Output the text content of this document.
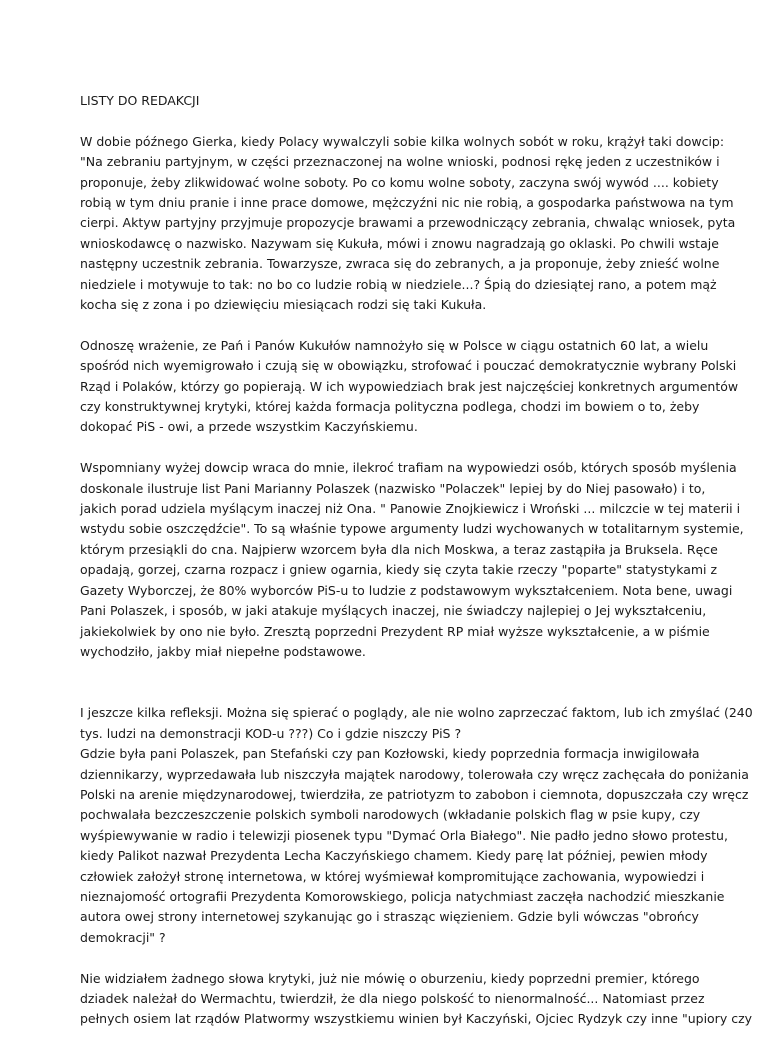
LISTY DO REDAKCJI
W dobie późnego Gierka, kiedy Polacy wywalczyli sobie kilka wolnych sobót w roku, krążył taki dowcip:
"Na zebraniu partyjnym, w części przeznaczonej na wolne wnioski, podnosi rękę jeden z uczestników i
proponuje, żeby zlikwidować wolne soboty. Po co komu wolne soboty, zaczyna swój wywód .... kobiety
robią w tym dniu pranie i inne prace domowe, mężczyźni nic nie robią, a gospodarka państwowa na tym
cierpi. Aktyw partyjny przyjmuje propozycje brawami a przewodniczący zebrania, chwaląc wniosek, pyta
wnioskodawcę o nazwisko. Nazywam się Kukuła, mówi i znowu nagradzają go oklaski. Po chwili wstaje
następny uczestnik zebrania. Towarzysze, zwraca się do zebranych, a ja proponuje, żeby znieść wolne
niedziele i motywuje to tak: no bo co ludzie robią w niedziele...? Śpią do dziesiątej rano, a potem mąż
kocha się z zona i po dziewięciu miesiącach rodzi się taki Kukuła.
Odnoszę wrażenie, ze Pań i Panów Kukułów namnożyło się w Polsce w ciągu ostatnich 60 lat, a wielu
spośród nich wyemigrowało i czują się w obowiązku, strofować i pouczać demokratycznie wybrany Polski
Rząd i Polaków, którzy go popierają. W ich wypowiedziach brak jest najczęściej konkretnych argumentów
czy konstruktywnej krytyki, której każda formacja polityczna podlega, chodzi im bowiem o to, żeby
dokopać PiS - owi, a przede wszystkim Kaczyńskiemu.
Wspomniany wyżej dowcip wraca do mnie, ilekroć trafiam na wypowiedzi osób, których sposób myślenia
doskonale ilustruje list Pani Marianny Polaszek (nazwisko "Polaczek" lepiej by do Niej pasowało) i to,
jakich porad udziela myślącym inaczej niż Ona. " Panowie Znojkiewicz i Wroński ... milczcie w tej materii i
wstydu sobie oszczędźcie". To są właśnie typowe argumenty ludzi wychowanych w totalitarnym systemie,
którym przesiąkli do cna. Najpierw wzorcem była dla nich Moskwa, a teraz zastąpiła ja Bruksela. Ręce
opadają, gorzej, czarna rozpacz i gniew ogarnia, kiedy się czyta takie rzeczy "poparte" statystykami z
Gazety Wyborczej, że 80% wyborców PiS-u to ludzie z podstawowym wykształceniem. Nota bene, uwagi
Pani Polaszek, i sposób, w jaki atakuje myślących inaczej, nie świadczy najlepiej o Jej wykształceniu,
jakiekolwiek by ono nie było. Zresztą poprzedni Prezydent RP miał wyższe wykształcenie, a w piśmie
wychodziło, jakby miał niepełne podstawowe.
I jeszcze kilka refleksji. Można się spierać o poglądy, ale nie wolno zaprzeczać faktom, lub ich zmyślać (240
tys. ludzi na demonstracji KOD-u ???) Co i gdzie niszczy PiS ?
Gdzie była pani Polaszek, pan Stefański czy pan Kozłowski, kiedy poprzednia formacja inwigilowała
dziennikarzy, wyprzedawała lub niszczyła majątek narodowy, tolerowała czy wręcz zachęcała do poniżania
Polski na arenie międzynarodowej, twierdziła, ze patriotyzm to zabobon i ciemnota, dopuszczała czy wręcz
pochwalała bezczeszczenie polskich symboli narodowych (wkładanie polskich flag w psie kupy, czy
wyśpiewywanie w radio i telewizji piosenek typu "Dymać Orla Białego". Nie padło jedno słowo protestu,
kiedy Palikot nazwał Prezydenta Lecha Kaczyńskiego chamem. Kiedy parę lat później, pewien młody
człowiek założył stronę internetowa, w której wyśmiewał kompromitujące zachowania, wypowiedzi i
nieznajomość ortografii Prezydenta Komorowskiego, policja natychmiast zaczęła nachodzić mieszkanie
autora owej strony internetowej szykanując go i strasząc więzieniem. Gdzie byli wówczas "obrońcy
demokracji" ?
Nie widziałem żadnego słowa krytyki, już nie mówię o oburzeniu, kiedy poprzedni premier, którego
dziadek należał do Wermachtu, twierdził, że dla niego polskość to nienormalność... Natomiast przez
pełnych osiem lat rządów Platwormy wszystkiemu winien był Kaczyński, Ojciec Rydzyk czy inne "upiory czy
